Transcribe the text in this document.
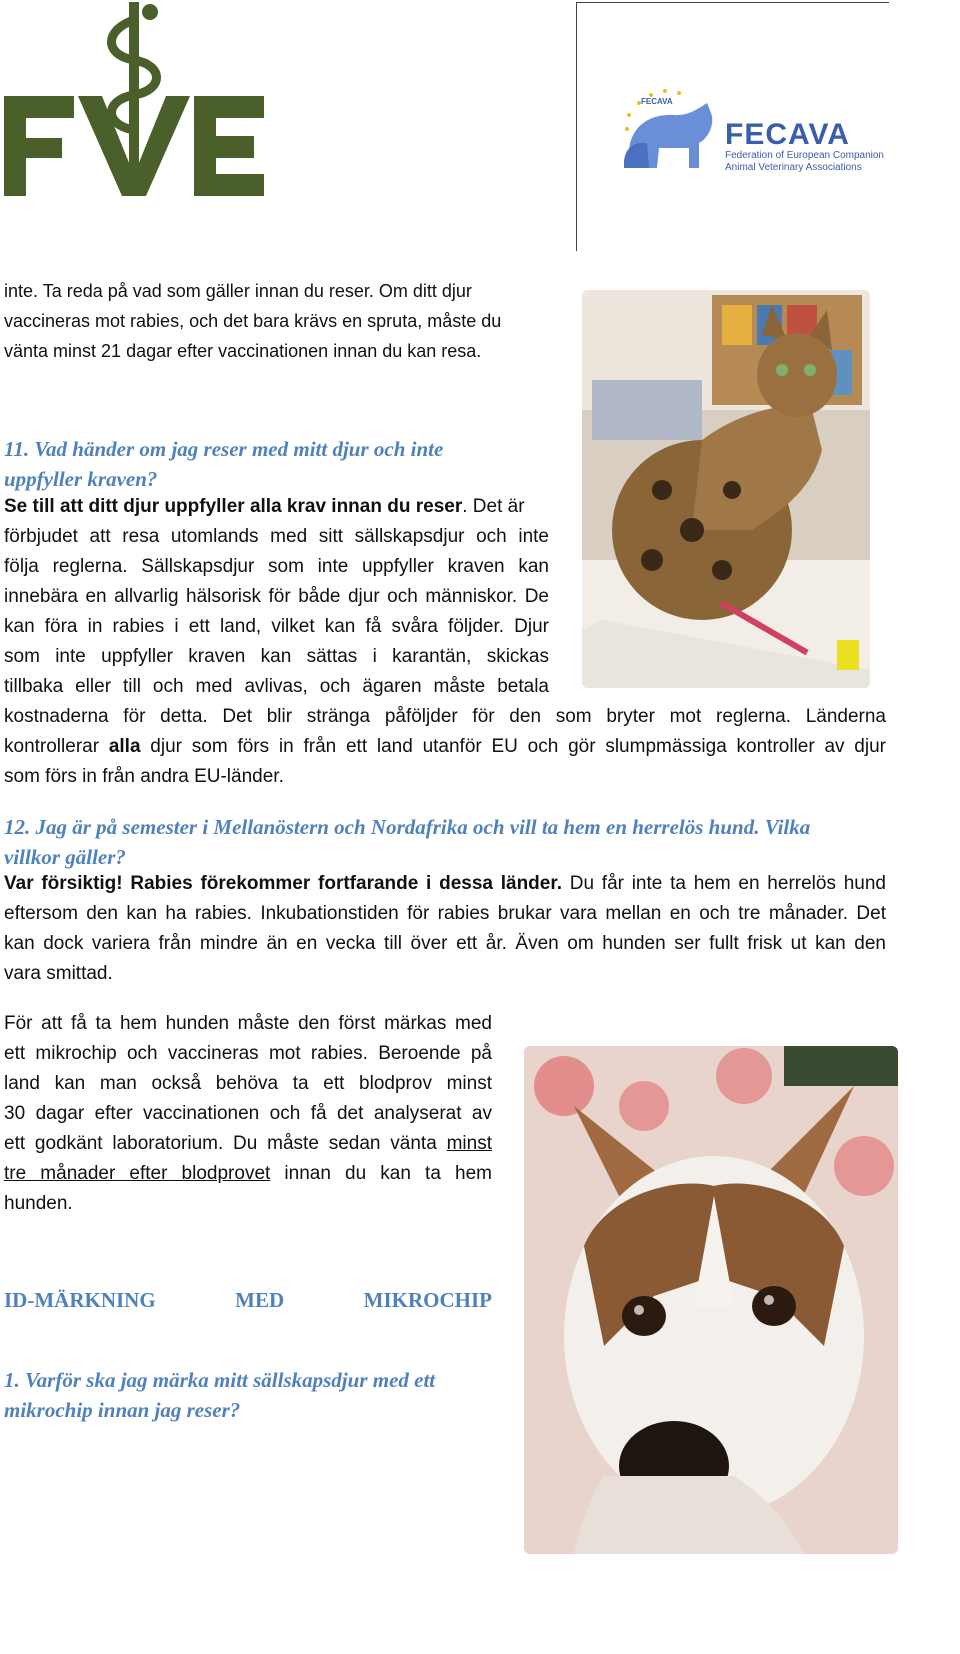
FECAVA
FECAVA
Federation of European Companion
Animal Veterinary Associations
inte. Ta reda på vad som gäller innan du reser. Om ditt djur
vaccineras mot rabies, och det bara krävs en spruta, måste du
vänta minst 21 dagar efter vaccinationen innan du kan resa.
11. Vad händer om jag reser med mitt djur och inte
uppfyller kraven?
Se till att ditt djur uppfyller alla krav innan du reser. Det är
förbjudet att resa utomlands med sitt sällskapsdjur och inte
följa reglerna. Sällskapsdjur som inte uppfyller kraven kan
innebära en allvarlig hälsorisk för både djur och människor. De
kan föra in rabies i ett land, vilket kan få svåra följder. Djur
som inte uppfyller kraven kan sättas i karantän, skickas
tillbaka eller till och med avlivas, och ägaren måste betala
kostnaderna för detta. Det blir stränga påföljder för den som bryter mot reglerna. Länderna
kontrollerar alla djur som förs in från ett land utanför EU och gör slumpmässiga kontroller av djur
som förs in från andra EU-länder.
12. Jag är på semester i Mellanöstern och Nordafrika och vill ta hem en herrelös hund. Vilka
villkor gäller?
Var försiktig! Rabies förekommer fortfarande i dessa länder. Du får inte ta hem en herrelös hund
eftersom den kan ha rabies. Inkubationstiden för rabies brukar vara mellan en och tre månader. Det
kan dock variera från mindre än en vecka till över ett år. Även om hunden ser fullt frisk ut kan den
vara smittad.
För att få ta hem hunden måste den först märkas med
ett mikrochip och vaccineras mot rabies. Beroende på
land kan man också behöva ta ett blodprov minst
30 dagar efter vaccinationen och få det analyserat av
ett godkänt laboratorium. Du måste sedan vänta minst
tre månader efter blodprovet innan du kan ta hem
hunden.
ID-MÄRKNING	MED	MIKROCHIP
1. Varför ska jag märka mitt sällskapsdjur med ett
mikrochip innan jag reser?
